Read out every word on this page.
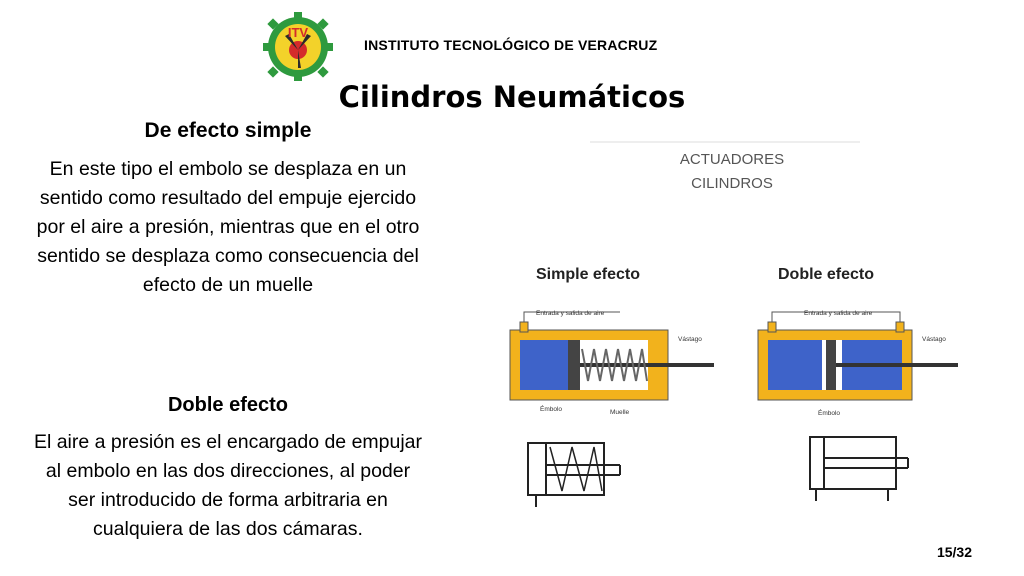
ITV
INSTITUTO TECNOLÓGICO DE VERACRUZ
Cilindros Neumáticos
De efecto simple
En este tipo el embolo se desplaza en un sentido como resultado del empuje ejercido por el aire a presión, mientras que en el otro sentido se desplaza como consecuencia del efecto de un muelle
Doble efecto
El aire a presión es el encargado de empujar al embolo en las dos direcciones, al poder ser introducido de forma arbitraria en cualquiera de las dos cámaras.
ACTUADORES
CILINDROS
Simple efecto	Doble efecto
Entrada y salida de aire
Vástago
Émbolo	Muelle
Entrada y salida de aire
Vástago
Émbolo
15/32
